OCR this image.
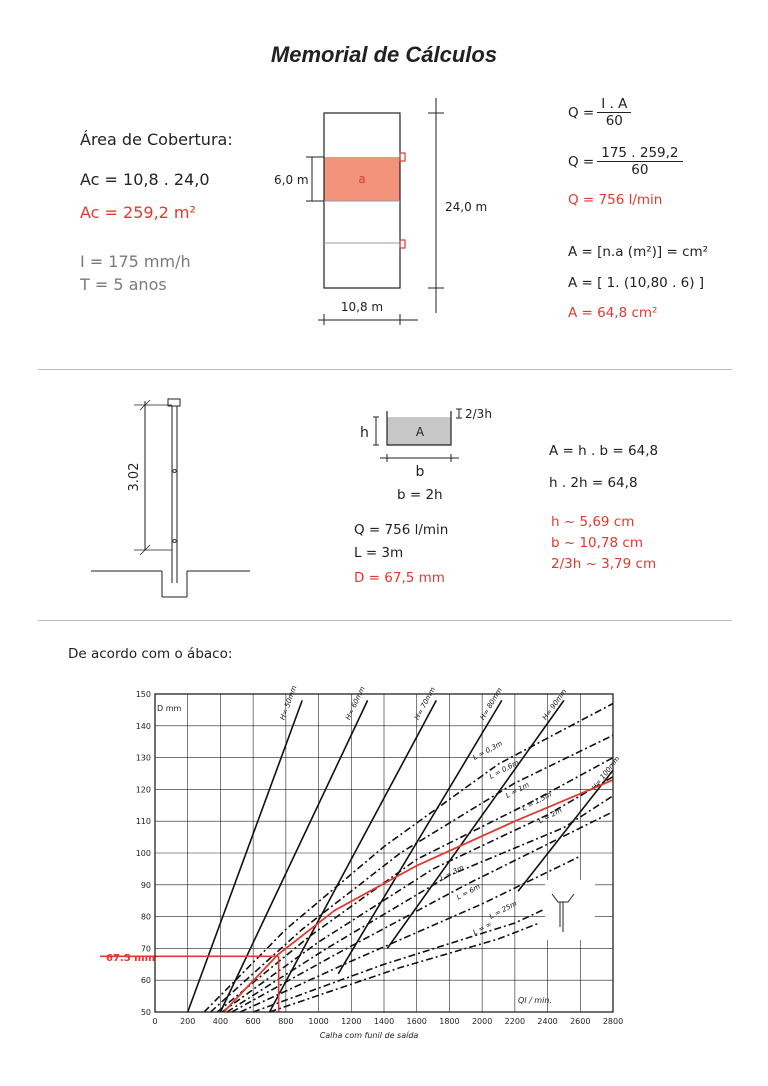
Memorial de Cálculos
Área de Cobertura:
Ac = 10,8 . 24,0
Ac = 259,2 m²
I = 175 mm/h
T = 5 anos
a
6,0 m
24,0 m
10,8 m
$Q = \frac{I . A}{60}$
$Q = \frac{175 . 259,2}{60}$
Q = 756 l/min
A = [n.a (m²)] = cm²
A = [ 1. (10,80 . 6) ]
A = 64,8 cm²
3.02
A
h
b
2/3h
b = 2h
Q = 756 l/min
L = 3m
D = 67,5 mm
A = h . b = 64,8
h . 2h = 64,8
h ~ 5,69 cm
b ~ 10,78 cm
2/3h ~ 3,79 cm
De acordo com o ábaco:
H= 50mm	H= 60mm	H= 70mm	H= 80mm	H= 90mm
H= 100mm
L = 0,3m
L = 0,6m
L = 1m
L = 1,5m
L = 2m
L = 3m
L = 6m
L = 25m
L = ∞
0	200 400 600 800 1000 1200 1400 1600 1800 2000 2200 2400 2600 2800
50
60
70
80
90
100
110
120
130
140
150
D mm
Ql / min.
Calha com funil de saída
67.5 mm
